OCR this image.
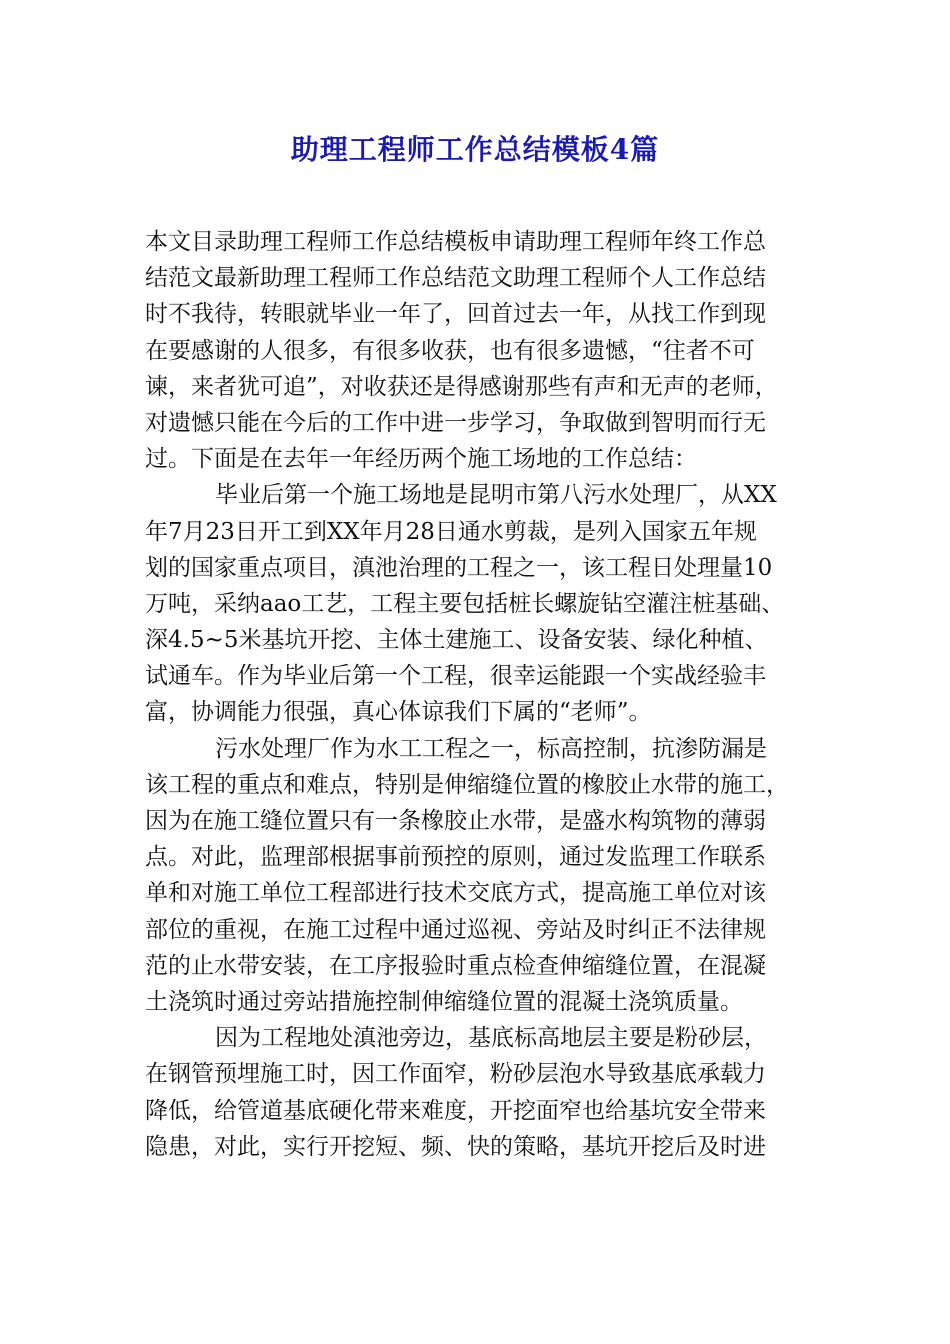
助理工程师工作总结模板4篇
本文目录助理工程师工作总结模板申请助理工程师年终工作总
结范文最新助理工程师工作总结范文助理工程师个人工作总结
时不我待，转眼就毕业一年了，回首过去一年，从找工作到现
在要感谢的人很多，有很多收获，也有很多遗憾，“往者不可
谏，来者犹可追”，对收获还是得感谢那些有声和无声的老师，
对遗憾只能在今后的工作中进一步学习，争取做到智明而行无
过。下面是在去年一年经历两个施工场地的工作总结：
毕业后第一个施工场地是昆明市第八污水处理厂，从XX
年7月23日开工到XX年月28日通水剪裁，是列入国家五年规
划的国家重点项目，滇池治理的工程之一，该工程日处理量10
万吨，采纳aao工艺，工程主要包括桩长螺旋钻空灌注桩基础、
深4.5~5米基坑开挖、主体土建施工、设备安装、绿化种植、
试通车。作为毕业后第一个工程，很幸运能跟一个实战经验丰
富，协调能力很强，真心体谅我们下属的“老师”。
污水处理厂作为水工工程之一，标高控制，抗渗防漏是
该工程的重点和难点，特别是伸缩缝位置的橡胶止水带的施工，
因为在施工缝位置只有一条橡胶止水带，是盛水构筑物的薄弱
点。对此，监理部根据事前预控的原则，通过发监理工作联系
单和对施工单位工程部进行技术交底方式，提高施工单位对该
部位的重视，在施工过程中通过巡视、旁站及时纠正不法律规
范的止水带安装，在工序报验时重点检查伸缩缝位置，在混凝
土浇筑时通过旁站措施控制伸缩缝位置的混凝土浇筑质量。
因为工程地处滇池旁边，基底标高地层主要是粉砂层，
在钢管预埋施工时，因工作面窄，粉砂层泡水导致基底承载力
降低，给管道基底硬化带来难度，开挖面窄也给基坑安全带来
隐患，对此，实行开挖短、频、快的策略，基坑开挖后及时进
